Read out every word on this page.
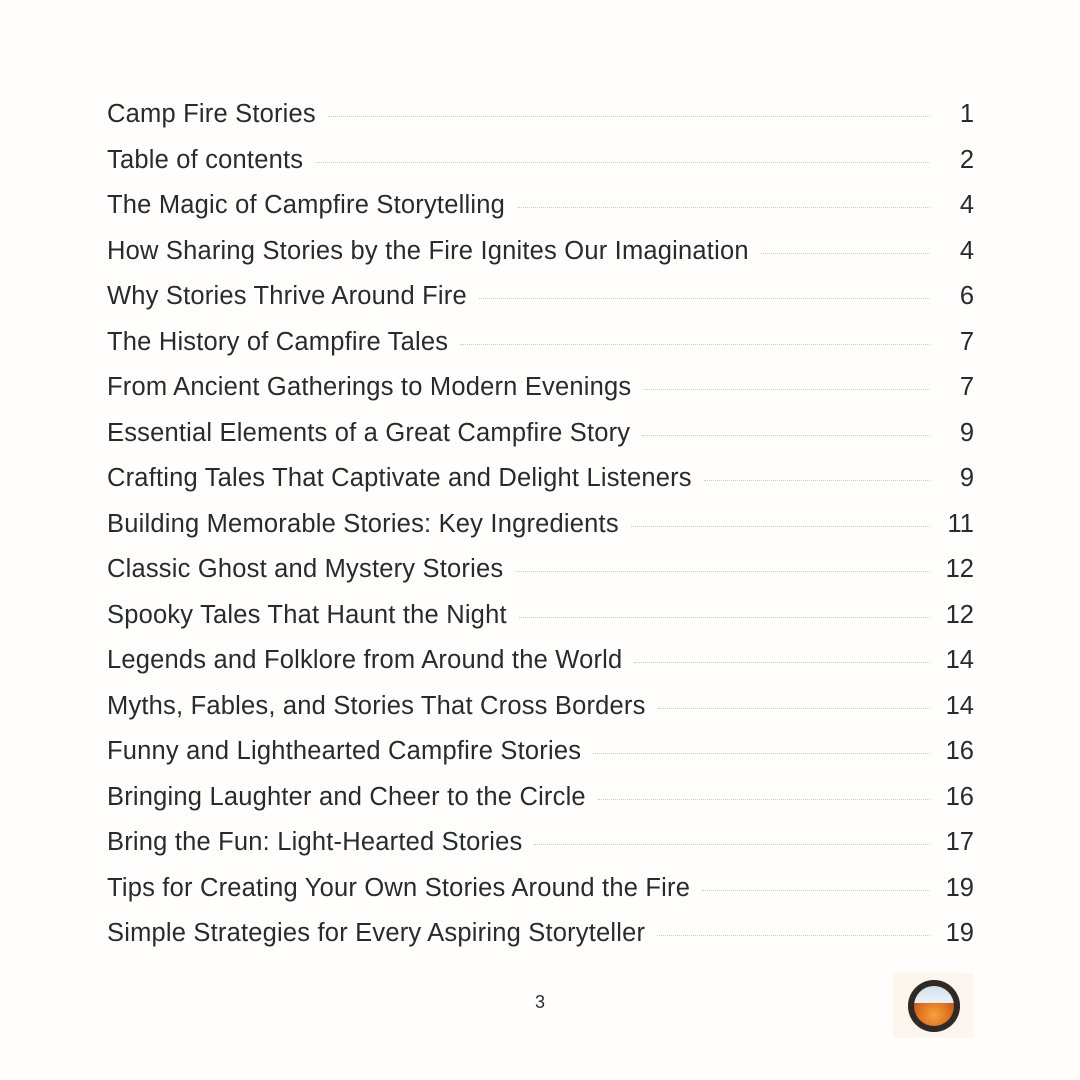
Camp Fire Stories	1
Table of contents	2
The Magic of Campfire Storytelling	4
How Sharing Stories by the Fire Ignites Our Imagination	4
Why Stories Thrive Around Fire	6
The History of Campfire Tales	7
From Ancient Gatherings to Modern Evenings	7
Essential Elements of a Great Campfire Story	9
Crafting Tales That Captivate and Delight Listeners	9
Building Memorable Stories: Key Ingredients	11
Classic Ghost and Mystery Stories	12
Spooky Tales That Haunt the Night	12
Legends and Folklore from Around the World	14
Myths, Fables, and Stories That Cross Borders	14
Funny and Lighthearted Campfire Stories	16
Bringing Laughter and Cheer to the Circle	16
Bring the Fun: Light-Hearted Stories	17
Tips for Creating Your Own Stories Around the Fire	19
Simple Strategies for Every Aspiring Storyteller	19
3
